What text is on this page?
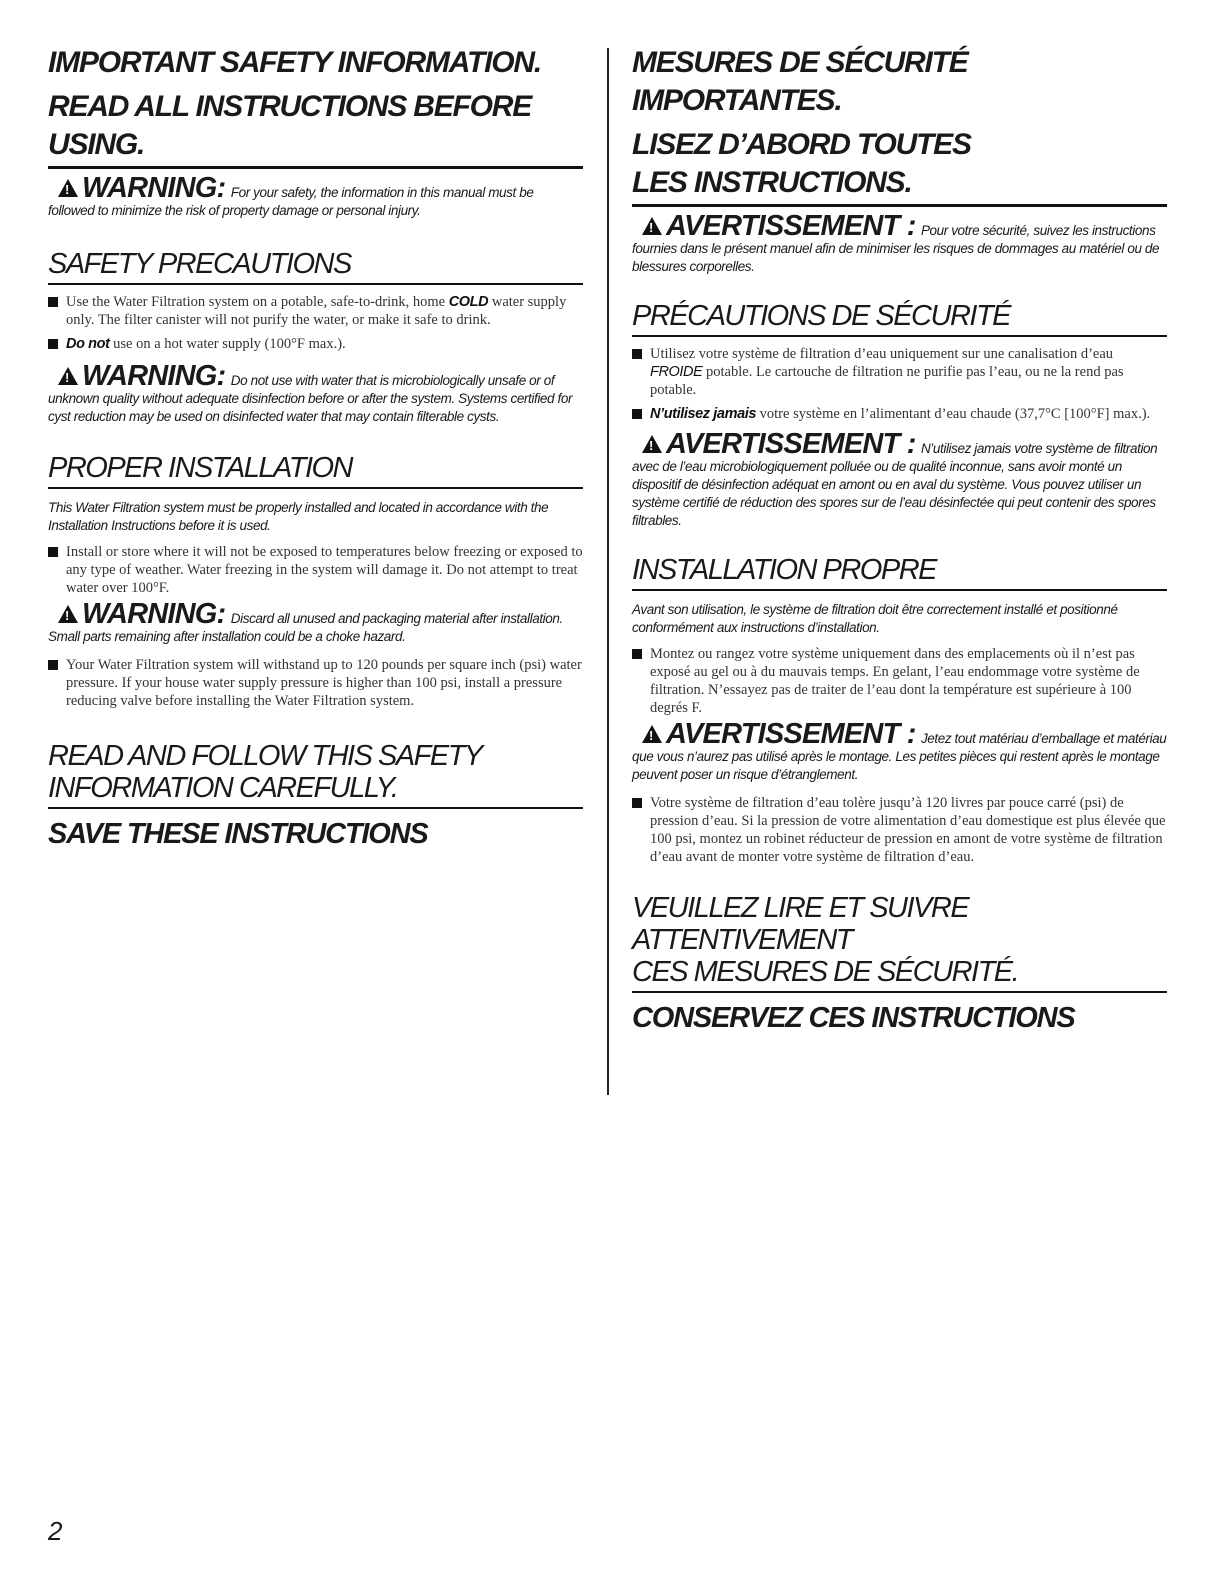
IMPORTANT SAFETY INFORMATION.
READ ALL INSTRUCTIONS BEFORE USING.

!WARNING: For your safety, the information in this manual must be followed to minimize the risk of property damage or personal injury.

SAFETY PRECAUTIONS
Use the Water Filtration system on a potable, safe-to-drink, home COLD water supply only. The filter canister will not purify the water, or make it safe to drink.
Do not use on a hot water supply (100°F max.).

!WARNING: Do not use with water that is microbiologically unsafe or of unknown quality without adequate disinfection before or after the system. Systems certified for cyst reduction may be used on disinfected water that may contain filterable cysts.

PROPER INSTALLATION

This Water Filtration system must be properly installed and located in accordance with the Installation Instructions before it is used.

Install or store where it will not be exposed to temperatures below freezing or exposed to any type of weather. Water freezing in the system will damage it. Do not attempt to treat water over 100°F.

!WARNING: Discard all unused and packaging material after installation. Small parts remaining after installation could be a choke hazard.

Your Water Filtration system will withstand up to 120 pounds per square inch (psi) water pressure. If your house water supply pressure is higher than 100 psi, install a pressure reducing valve before installing the Water Filtration system.
READ AND FOLLOW THIS SAFETY
INFORMATION CAREFULLY.

SAVE THESE INSTRUCTIONS

MESURES DE SÉCURITÉ IMPORTANTES.
LISEZ D’ABORD TOUTES
LES INSTRUCTIONS.

!AVERTISSEMENT : Pour votre sécurité, suivez les instructions fournies dans le présent manuel afin de minimiser les risques de dommages au matériel ou de blessures corporelles.

PRÉCAUTIONS DE SÉCURITÉ
Utilisez votre système de filtration d’eau uniquement sur une canalisation d’eau FROIDE potable. Le cartouche de filtration ne purifie pas l’eau, ou ne la rend pas potable.
N’utilisez jamais votre système en l’alimentant d’eau chaude (37,7°C [100°F] max.).

!AVERTISSEMENT : N’utilisez jamais votre système de filtration avec de l’eau microbiologiquement polluée ou de qualité inconnue, sans avoir monté un dispositif de désinfection adéquat en amont ou en aval du système. Vous pouvez utiliser un système certifié de réduction des spores sur de l’eau désinfectée qui peut contenir des spores filtrables.

INSTALLATION PROPRE

Avant son utilisation, le système de filtration doit être correctement installé et positionné conformément aux instructions d’installation.

Montez ou rangez votre système uniquement dans des emplacements où il n’est pas exposé au gel ou à du mauvais temps. En gelant, l’eau endommage votre système de filtration. N’essayez pas de traiter de l’eau dont la température est supérieure à 100 degrés F.

!AVERTISSEMENT : Jetez tout matériau d’emballage et matériau que vous n’aurez pas utilisé après le montage. Les petites pièces qui restent après le montage peuvent poser un risque d’étranglement.

Votre système de filtration d’eau tolère jusqu’à 120 livres par pouce carré (psi) de pression d’eau. Si la pression de votre alimentation d’eau domestique est plus élevée que 100 psi, montez un robinet réducteur de pression en amont de votre système de filtration d’eau avant de monter votre système de filtration d’eau.
VEUILLEZ LIRE ET SUIVRE ATTENTIVEMENT
CES MESURES DE SÉCURITÉ.

CONSERVEZ CES INSTRUCTIONS

2
